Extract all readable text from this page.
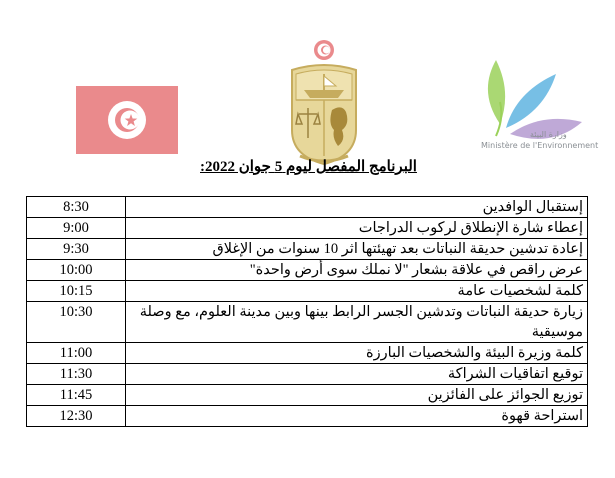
وزارة البيئة
Ministère de l'Environnement
البرنامج المفصل ليوم 5 جوان 2022:
8:30	إستقبال الوافدين
9:00	إعطاء شارة الإنطلاق لركوب الدراجات
9:30	إعادة تدشين حديقة النباتات بعد تهيئتها اثر 10 سنوات من الإغلاق
10:00	عرض راقص في علاقة بشعار "لا نملك سوى أرض واحدة"
10:15	كلمة لشخصيات عامة
10:30	زيارة حديقة النباتات وتدشين الجسر الرابط بينها وبين مدينة العلوم، مع وصلة موسيقية
11:00	كلمة وزيرة البيئة والشخصيات البارزة
11:30	توقيع اتفاقيات الشراكة
11:45	توزيع الجوائز على الفائزين
12:30	استراحة قهوة
